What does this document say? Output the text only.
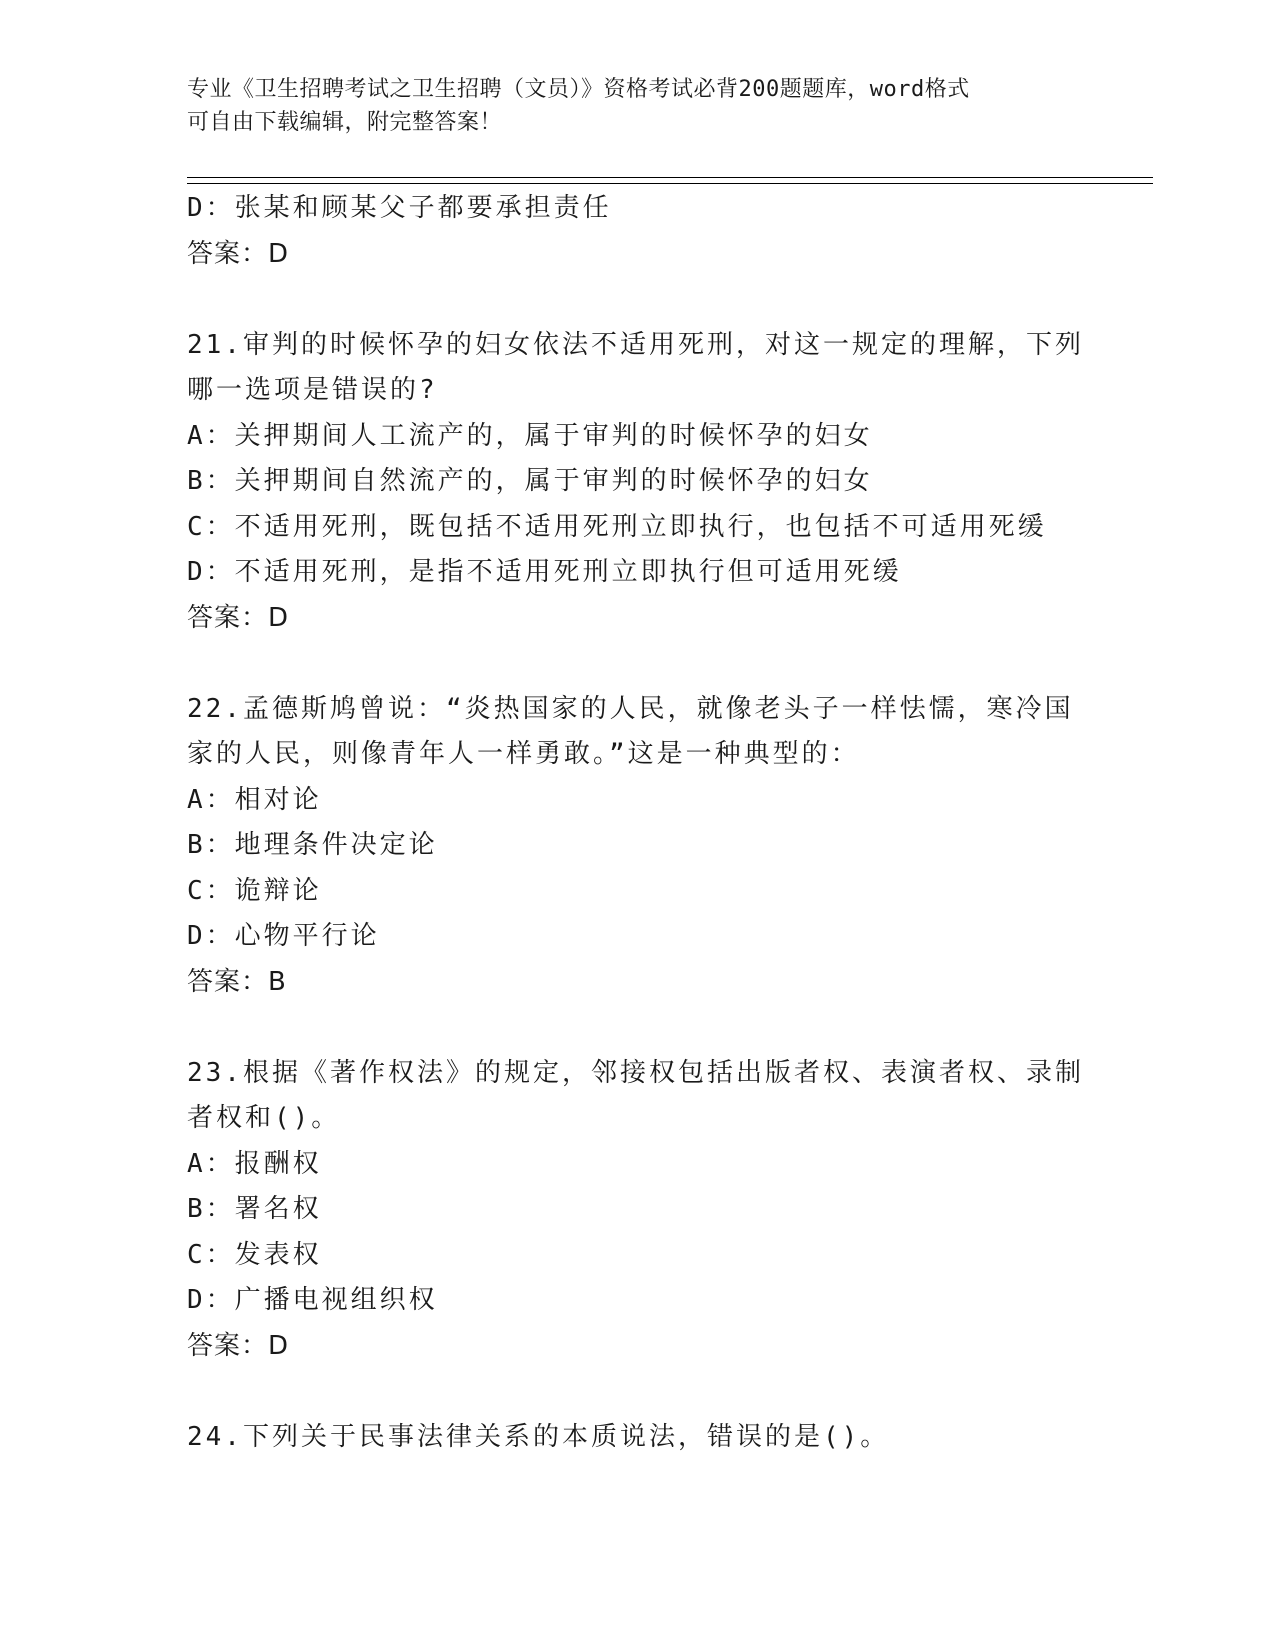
专业《卫生招聘考试之卫生招聘（文员）》资格考试必背200题题库，word格式
可自由下载编辑，附完整答案！
D：张某和顾某父子都要承担责任
答案：D
21.审判的时候怀孕的妇女依法不适用死刑，对这一规定的理解，下列
哪一选项是错误的?
A：关押期间人工流产的，属于审判的时候怀孕的妇女
B：关押期间自然流产的，属于审判的时候怀孕的妇女
C：不适用死刑，既包括不适用死刑立即执行，也包括不可适用死缓
D：不适用死刑，是指不适用死刑立即执行但可适用死缓
答案：D
22.孟德斯鸠曾说：“炎热国家的人民，就像老头子一样怯懦，寒冷国
家的人民，则像青年人一样勇敢。”这是一种典型的：
A：相对论
B：地理条件决定论
C：诡辩论
D：心物平行论
答案：B
23.根据《著作权法》的规定，邻接权包括出版者权、表演者权、录制
者权和()。
A：报酬权
B：署名权
C：发表权
D：广播电视组织权
答案：D
24.下列关于民事法律关系的本质说法，错误的是()。
